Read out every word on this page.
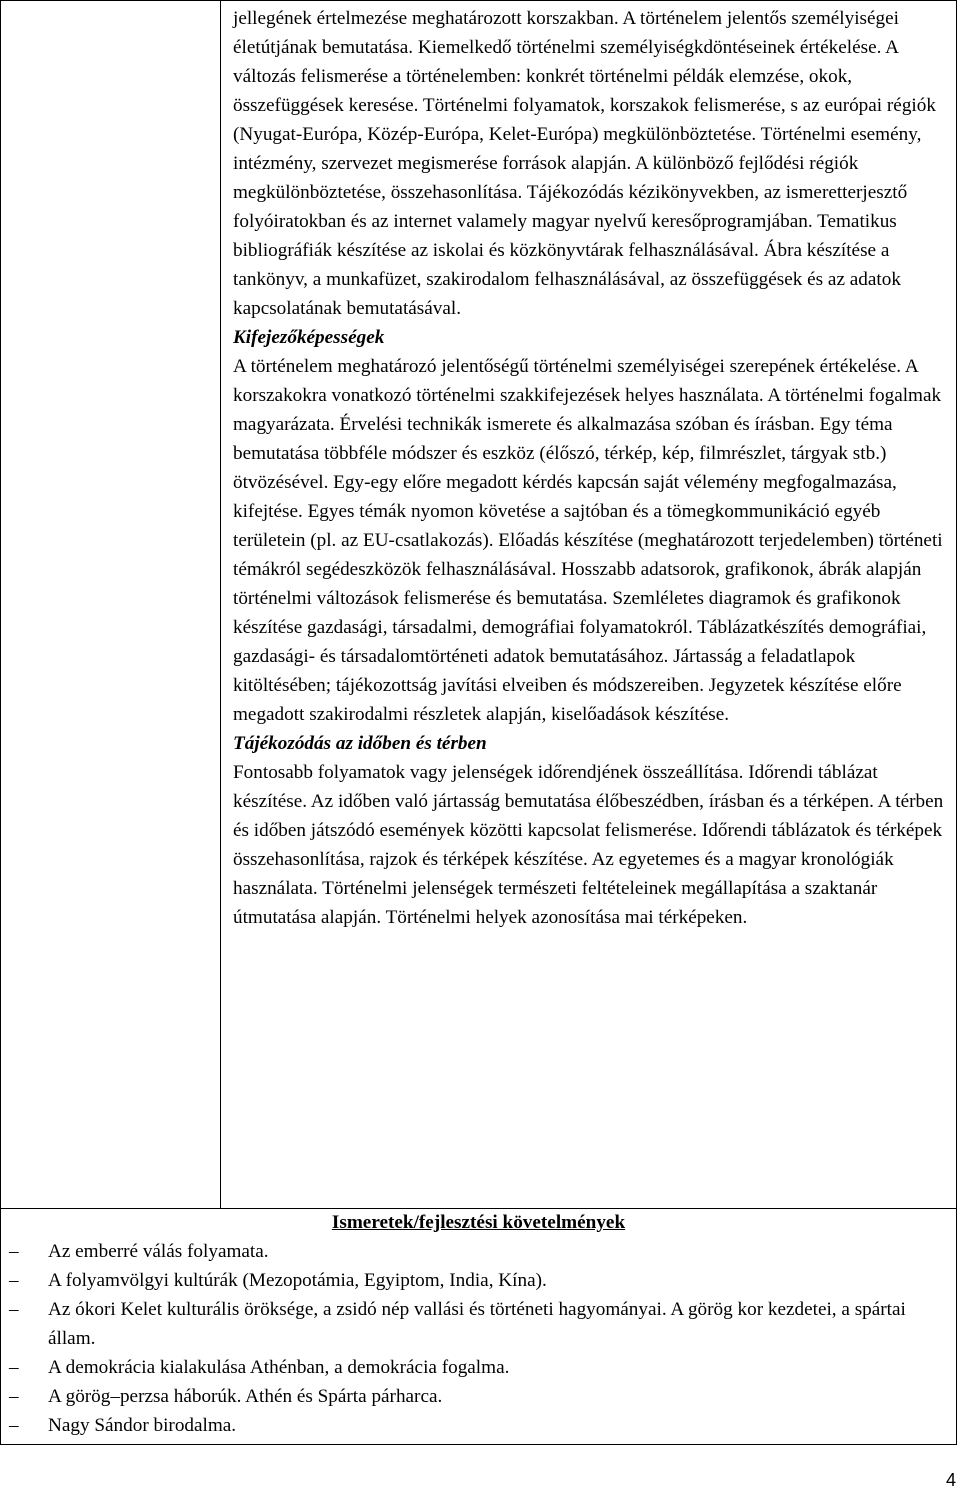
jellegének értelmezése meghatározott korszakban. A történelem jelentős személyiségei életútjának bemutatása. Kiemelkedő történelmi személyiségkdöntéseinek értékelése. A változás felismerése a történelemben: konkrét történelmi példák elemzése, okok, összefüggések keresése. Történelmi folyamatok, korszakok felismerése, s az európai régiók (Nyugat-Európa, Közép-Európa, Kelet-Európa) megkülönböztetése. Történelmi esemény, intézmény, szervezet megismerése források alapján. A különböző fejlődési régiók megkülönböztetése, összehasonlítása. Tájékozódás kézikönyvekben, az ismeretterjesztő folyóiratokban és az internet valamely magyar nyelvű keresőprogramjában. Tematikus bibliográfiák készítése az iskolai és közkönyvtárak felhasználásával. Ábra készítése a tankönyv, a munkafüzet, szakirodalom felhasználásával, az összefüggések és az adatok kapcsolatának bemutatásával.

Kifejezőképességek

A történelem meghatározó jelentőségű történelmi személyiségei szerepének értékelése. A korszakokra vonatkozó történelmi szakkifejezések helyes használata. A történelmi fogalmak magyarázata. Érvelési technikák ismerete és alkalmazása szóban és írásban. Egy téma bemutatása többféle módszer és eszköz (élőszó, térkép, kép, filmrészlet, tárgyak stb.) ötvözésével. Egy-egy előre megadott kérdés kapcsán saját vélemény megfogalmazása, kifejtése. Egyes témák nyomon követése a sajtóban és a tömegkommunikáció egyéb területein (pl. az EU-csatlakozás). Előadás készítése (meghatározott terjedelemben) történeti témákról segédeszközök felhasználásával. Hosszabb adatsorok, grafikonok, ábrák alapján történelmi változások felismerése és bemutatása. Szemléletes diagramok és grafikonok készítése gazdasági, társadalmi, demográfiai folyamatokról. Táblázatkészítés demográfiai, gazdasági- és társadalomtörténeti adatok bemutatásához. Jártasság a feladatlapok kitöltésében; tájékozottság javítási elveiben és módszereiben. Jegyzetek készítése előre megadott szakirodalmi részletek alapján, kiselőadások készítése.

Tájékozódás az időben és térben

Fontosabb folyamatok vagy jelenségek időrendjének összeállítása. Időrendi táblázat készítése. Az időben való jártasság bemutatása élőbeszédben, írásban és a térképen. A térben és időben játszódó események közötti kapcsolat felismerése. Időrendi táblázatok és térképek összehasonlítása, rajzok és térképek készítése. Az egyetemes és a magyar kronológiák használata. Történelmi jelenségek természeti feltételeinek megállapítása a szaktanár útmutatása alapján. Történelmi helyek azonosítása mai térképeken.

Ismeretek/fejlesztési követelmények

–	Az emberré válás folyamata.
–	A folyamvölgyi kultúrák (Mezopotámia, Egyiptom, India, Kína).
–	Az ókori Kelet kulturális öröksége, a zsidó nép vallási és történeti hagyományai. A görög kor kezdetei, a spártai állam.
–	A demokrácia kialakulása Athénban, a demokrácia fogalma.
–	A görög–perzsa háborúk. Athén és Spárta párharca.
–	Nagy Sándor birodalma.
4
